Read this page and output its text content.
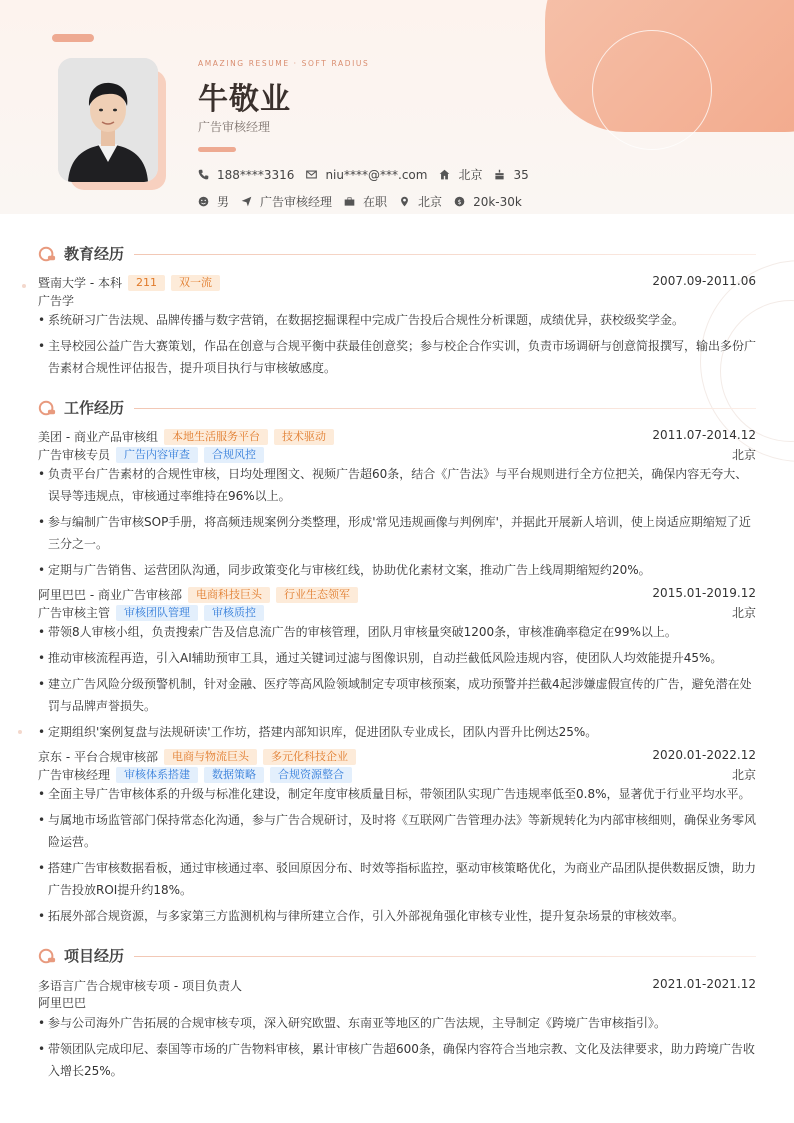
AMAZING RESUME · SOFT RADIUS
牛敬业
广告审核经理
188****3316	niu****@***.com	北京	35
男	广告审核经理	在职	北京 $ 20k-30k
教育经历
暨南大学 - 本科	211	双一流	2007.09-2011.06
广告学
• 系统研习广告法规、品牌传播与数字营销，在数据挖掘课程中完成广告投后合规性分析课题，成绩优异，获校级奖学金。
• 主导校园公益广告大赛策划，作品在创意与合规平衡中获最佳创意奖；参与校企合作实训，负责市场调研与创意简报撰写，输出多份广告素材合规性评估报告，提升项目执行与审核敏感度。
工作经历
美团 - 商业产品审核组	本地生活服务平台	技术驱动	2011.07-2014.12
广告审核专员	广告内容审查	合规风控	北京
• 负责平台广告素材的合规性审核，日均处理图文、视频广告超60条，结合《广告法》与平台规则进行全方位把关，确保内容无夸大、误导等违规点，审核通过率维持在96%以上。
• 参与编制广告审核SOP手册，将高频违规案例分类整理，形成'常见违规画像与判例库'，并据此开展新人培训，使上岗适应期缩短了近三分之一。
• 定期与广告销售、运营团队沟通，同步政策变化与审核红线，协助优化素材文案，推动广告上线周期缩短约20%。
阿里巴巴 - 商业广告审核部	电商科技巨头	行业生态领军	2015.01-2019.12
广告审核主管	审核团队管理	审核质控	北京
• 带领8人审核小组，负责搜索广告及信息流广告的审核管理，团队月审核量突破1200条，审核准确率稳定在99%以上。
• 推动审核流程再造，引入AI辅助预审工具，通过关键词过滤与图像识别，自动拦截低风险违规内容，使团队人均效能提升45%。
• 建立广告风险分级预警机制，针对金融、医疗等高风险领域制定专项审核预案，成功预警并拦截4起涉嫌虚假宣传的广告，避免潜在处罚与品牌声誉损失。
• 定期组织'案例复盘与法规研读'工作坊，搭建内部知识库，促进团队专业成长，团队内晋升比例达25%。
京东 - 平台合规审核部	电商与物流巨头	多元化科技企业	2020.01-2022.12
广告审核经理	审核体系搭建	数据策略	合规资源整合	北京
• 全面主导广告审核体系的升级与标准化建设，制定年度审核质量目标，带领团队实现广告违规率低至0.8%，显著优于行业平均水平。
• 与属地市场监管部门保持常态化沟通，参与广告合规研讨，及时将《互联网广告管理办法》等新规转化为内部审核细则，确保业务零风险运营。
• 搭建广告审核数据看板，通过审核通过率、驳回原因分布、时效等指标监控，驱动审核策略优化，为商业产品团队提供数据反馈，助力广告投放ROI提升约18%。
• 拓展外部合规资源，与多家第三方监测机构与律所建立合作，引入外部视角强化审核专业性，提升复杂场景的审核效率。
项目经历
多语言广告合规审核专项 - 项目负责人	2021.01-2021.12
阿里巴巴
• 参与公司海外广告拓展的合规审核专项，深入研究欧盟、东南亚等地区的广告法规，主导制定《跨境广告审核指引》。
• 带领团队完成印尼、泰国等市场的广告物料审核，累计审核广告超600条，确保内容符合当地宗教、文化及法律要求，助力跨境广告收入增长25%。
